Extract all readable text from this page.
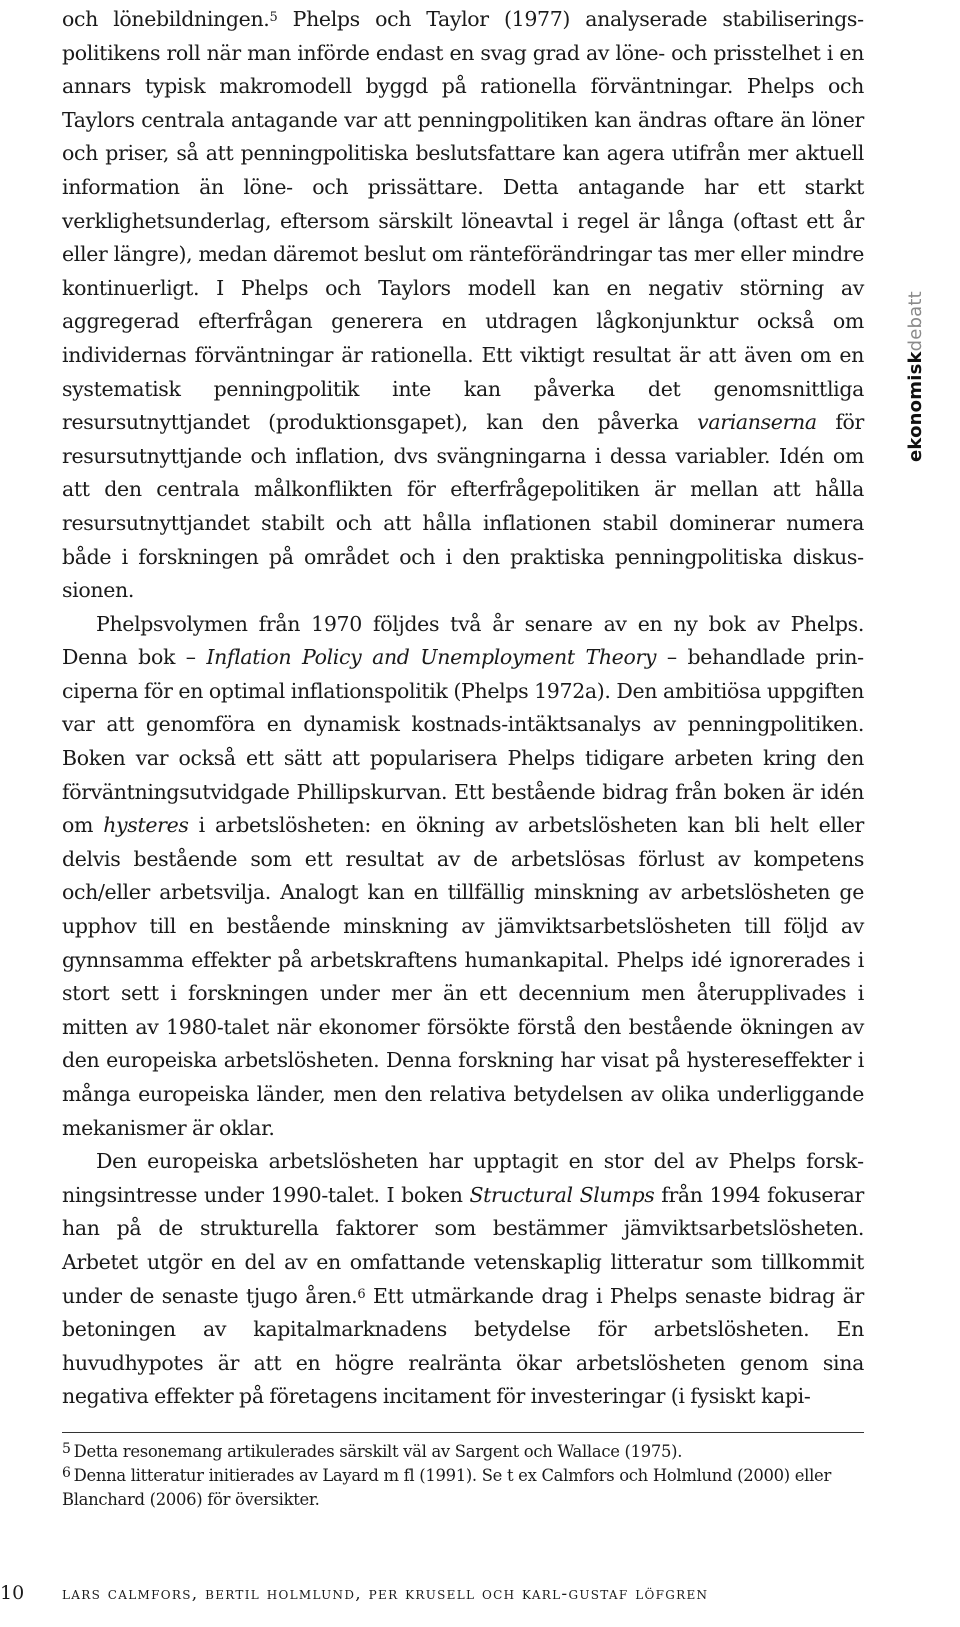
och lönebildningen.$^5$ Phelps och Taylor (1977) analyserade stabiliseringspolitikens roll när man införde endast en svag grad av löne- och prisstelhet i en annars typisk makromodell byggd på rationella förväntningar. Phelps och Taylors centrala antagande var att penningpolitiken kan ändras oftare än löner och priser, så att penningpolitiska beslutsfattare kan agera utifrån mer aktuell information än löne- och prissättare. Detta antagande har ett starkt verklighetsunderlag, eftersom särskilt löneavtal i regel är långa (oftast ett år eller längre), medan däremot beslut om ränteförändringar tas mer eller mindre kontinuerligt. I Phelps och Taylors modell kan en negativ störning av aggregerad efterfrågan generera en utdragen lågkonjunktur också om individernas förväntningar är rationella. Ett viktigt resultat är att även om en systematisk penningpolitik inte kan påverka det genomsnittliga resursutnyttjandet (produktionsgapet), kan den påverka varianserna för resursutnyttjande och inflation, dvs svängningarna i dessa variabler. Idén om att den centrala målkonflikten för efterfrågepolitiken är mellan att hålla resursutnyttjandet stabilt och att hålla inflationen stabil dominerar numera både i forskningen på området och i den praktiska penningpolitiska diskussionen.

Phelpsvolymen från 1970 följdes två år senare av en ny bok av Phelps. Denna bok – Inflation Policy and Unemployment Theory – behandlade principerna för en optimal inflationspolitik (Phelps 1972a). Den ambitiösa uppgiften var att genomföra en dynamisk kostnads-intäktsanalys av penningpolitiken. Boken var också ett sätt att popularisera Phelps tidigare arbeten kring den förväntningsutvidgade Phillipskurvan. Ett bestående bidrag från boken är idén om hysteres i arbetslösheten: en ökning av arbetslösheten kan bli helt eller delvis bestående som ett resultat av de arbetslösas förlust av kompetens och/eller arbetsvilja. Analogt kan en tillfällig minskning av arbetslösheten ge upphov till en bestående minskning av jämviktsarbetslösheten till följd av gynnsamma effekter på arbetskraftens humankapital. Phelps idé ignorerades i stort sett i forskningen under mer än ett decennium men återupplivades i mitten av 1980-talet när ekonomer försökte förstå den bestående ökningen av den europeiska arbetslösheten. Denna forskning har visat på hystereseffekter i många europeiska länder, men den relativa betydelsen av olika underliggande mekanismer är oklar.

Den europeiska arbetslösheten har upptagit en stor del av Phelps forskningsintresse under 1990-talet. I boken Structural Slumps från 1994 fokuserar han på de strukturella faktorer som bestämmer jämviktsarbetslösheten. Arbetet utgör en del av en omfattande vetenskaplig litteratur som tillkommit under de senaste tjugo åren.$^6$ Ett utmärkande drag i Phelps senaste bidrag är betoningen av kapitalmarknadens betydelse för arbetslösheten. En huvudhypotes är att en högre realränta ökar arbetslösheten genom sina negativa effekter på företagens incitament för investeringar (i fysiskt kapi-

ekonomiskdebatt

5 Detta resonemang artikulerades särskilt väl av Sargent och Wallace (1975).

6 Denna litteratur initierades av Layard m fl (1991). Se t ex Calmfors och Holmlund (2000) eller Blanchard (2006) för översikter.

10 lars calmfors, bertil holmlund, per krusell och karl-gustaf löfgren
